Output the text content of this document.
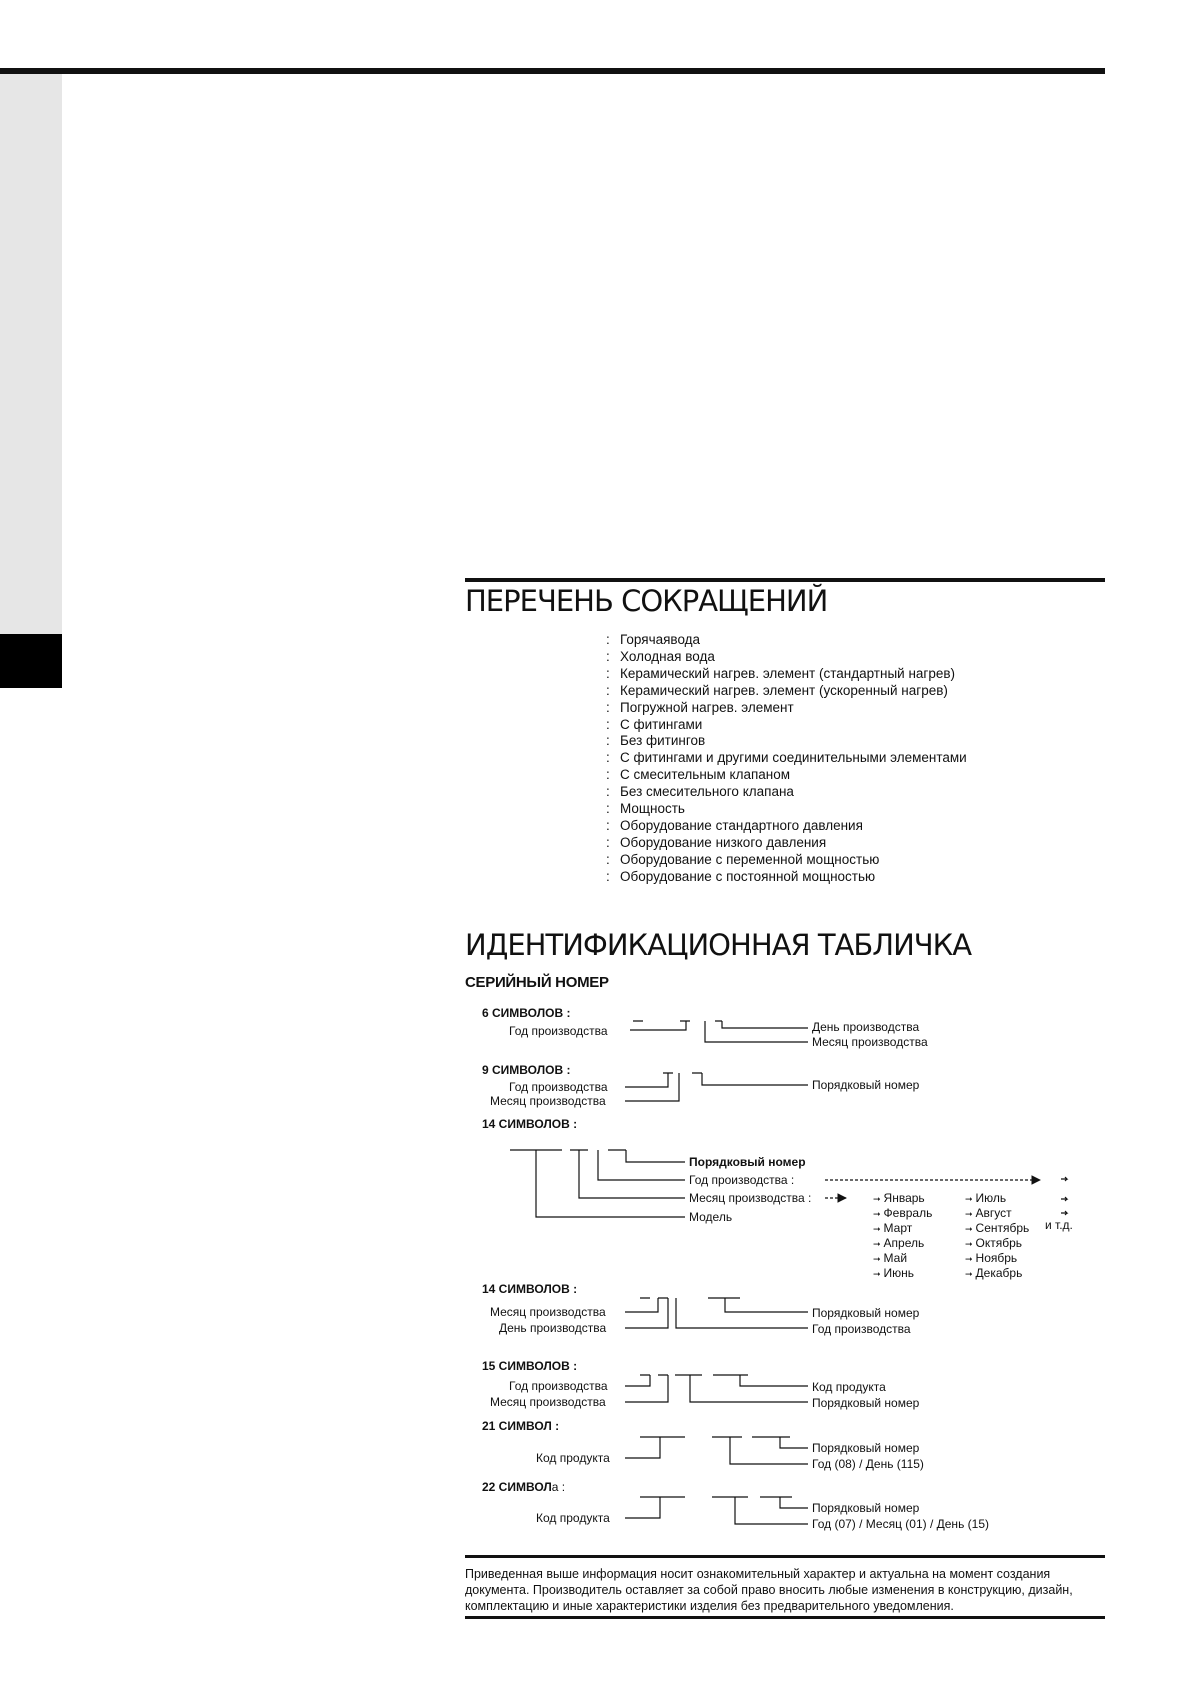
ПЕРЕЧЕНЬ СОКРАЩЕНИЙ
: Горячаявода
: Холодная вода
: Керамический нагрев. элемент (стандартный нагрев)
: Керамический нагрев. элемент (ускоренный нагрев)
: Погружной нагрев. элемент
: С фитингами
: Без фитингов
: С фитингами и другими соединительными элементами
: С смесительным клапаном
: Без смесительного клапана
: Мощность
: Оборудование стандартного давления
: Оборудование низкого давления
: Оборудование с переменной мощностью
: Оборудование с постоянной мощностью
ИДЕНТИФИКАЦИОННАЯ ТАБЛИЧКА
СЕРИЙНЫЙ НОМЕР
6 СИМВОЛОВ :
Год производства	День производства
Месяц производства
9 СИМВОЛОВ :
Год производства
Месяц производства
Порядковый номер
14 СИМВОЛОВ :
Порядковый номер
Год производства :
Месяц производства :
Модель
➞ Январь
➞ Февраль
➞ Март
➞ Апрель
➞ Май
➞ Июнь
➞ Июль
➞ Август
➞ Сентябрь
➞ Октябрь
➞ Ноябрь
➞ Декабрь
и т.д.
14 СИМВОЛОВ :
Месяц производства
День производства
Порядковый номер
Год производства
15 СИМВОЛОВ :
Год производства
Месяц производства
Код продукта
Порядковый номер
21 СИМВОЛ :
Код продукта
Порядковый номер
Год (08) / День (115)
22 СИМВОЛа :
Код продукта
Порядковый номер
Год (07) / Месяц (01) / День (15)
Приведенная выше информация носит ознакомительный характер и актуальна на момент создания документа. Производитель оставляет за собой право вносить любые изменения в конструкцию, дизайн, комплектацию и иные характеристики изделия без предварительного уведомления.
